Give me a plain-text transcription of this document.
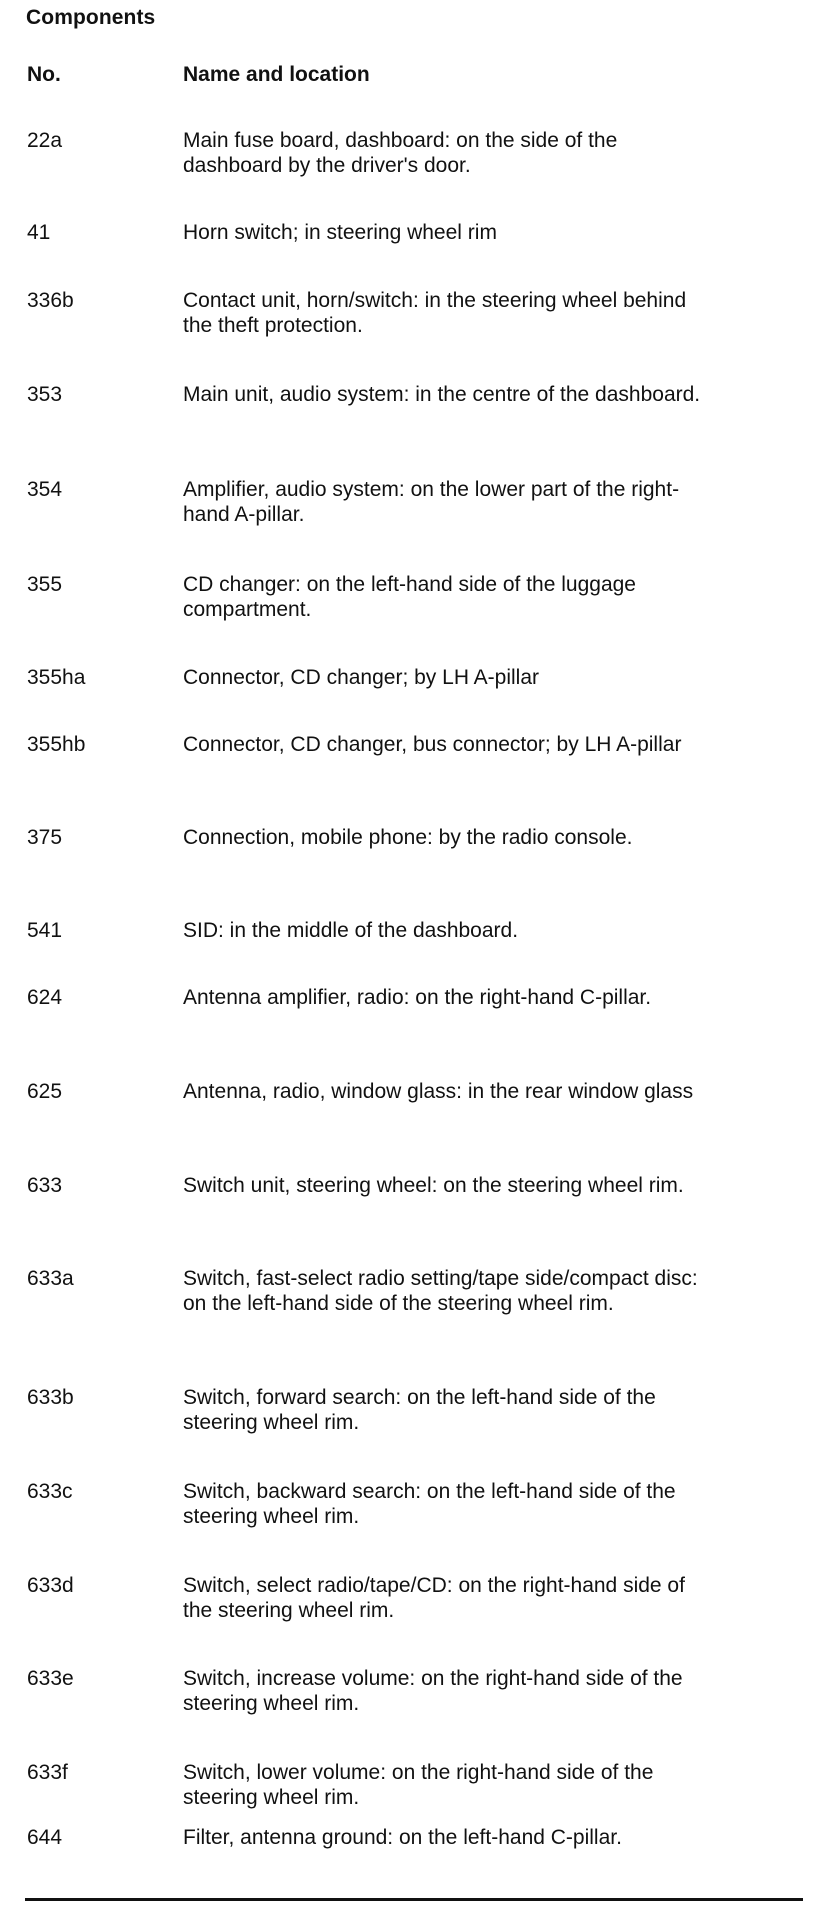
Components
No.	Name and location
22a	Main fuse board, dashboard: on the side of the dashboard by the driver's door.
41	Horn switch; in steering wheel rim
336b	Contact unit, horn/switch: in the steering wheel behind the theft protection.
353	Main unit, audio system: in the centre of the dashboard.
354	Amplifier, audio system: on the lower part of the right-hand A-pillar.
355	CD changer: on the left-hand side of the luggage compartment.
355ha	Connector, CD changer; by LH A-pillar
355hb	Connector, CD changer, bus connector; by LH A-pillar
375	Connection, mobile phone: by the radio console.
541	SID: in the middle of the dashboard.
624	Antenna amplifier, radio: on the right-hand C-pillar.
625	Antenna, radio, window glass: in the rear window glass
633	Switch unit, steering wheel: on the steering wheel rim.
633a	Switch, fast-select radio setting/tape side/compact disc: on the left-hand side of the steering wheel rim.
633b	Switch, forward search: on the left-hand side of the steering wheel rim.
633c	Switch, backward search: on the left-hand side of the steering wheel rim.
633d	Switch, select radio/tape/CD: on the right-hand side of the steering wheel rim.
633e	Switch, increase volume: on the right-hand side of the steering wheel rim.
633f	Switch, lower volume: on the right-hand side of the steering wheel rim.
644	Filter, antenna ground: on the left-hand C-pillar.
